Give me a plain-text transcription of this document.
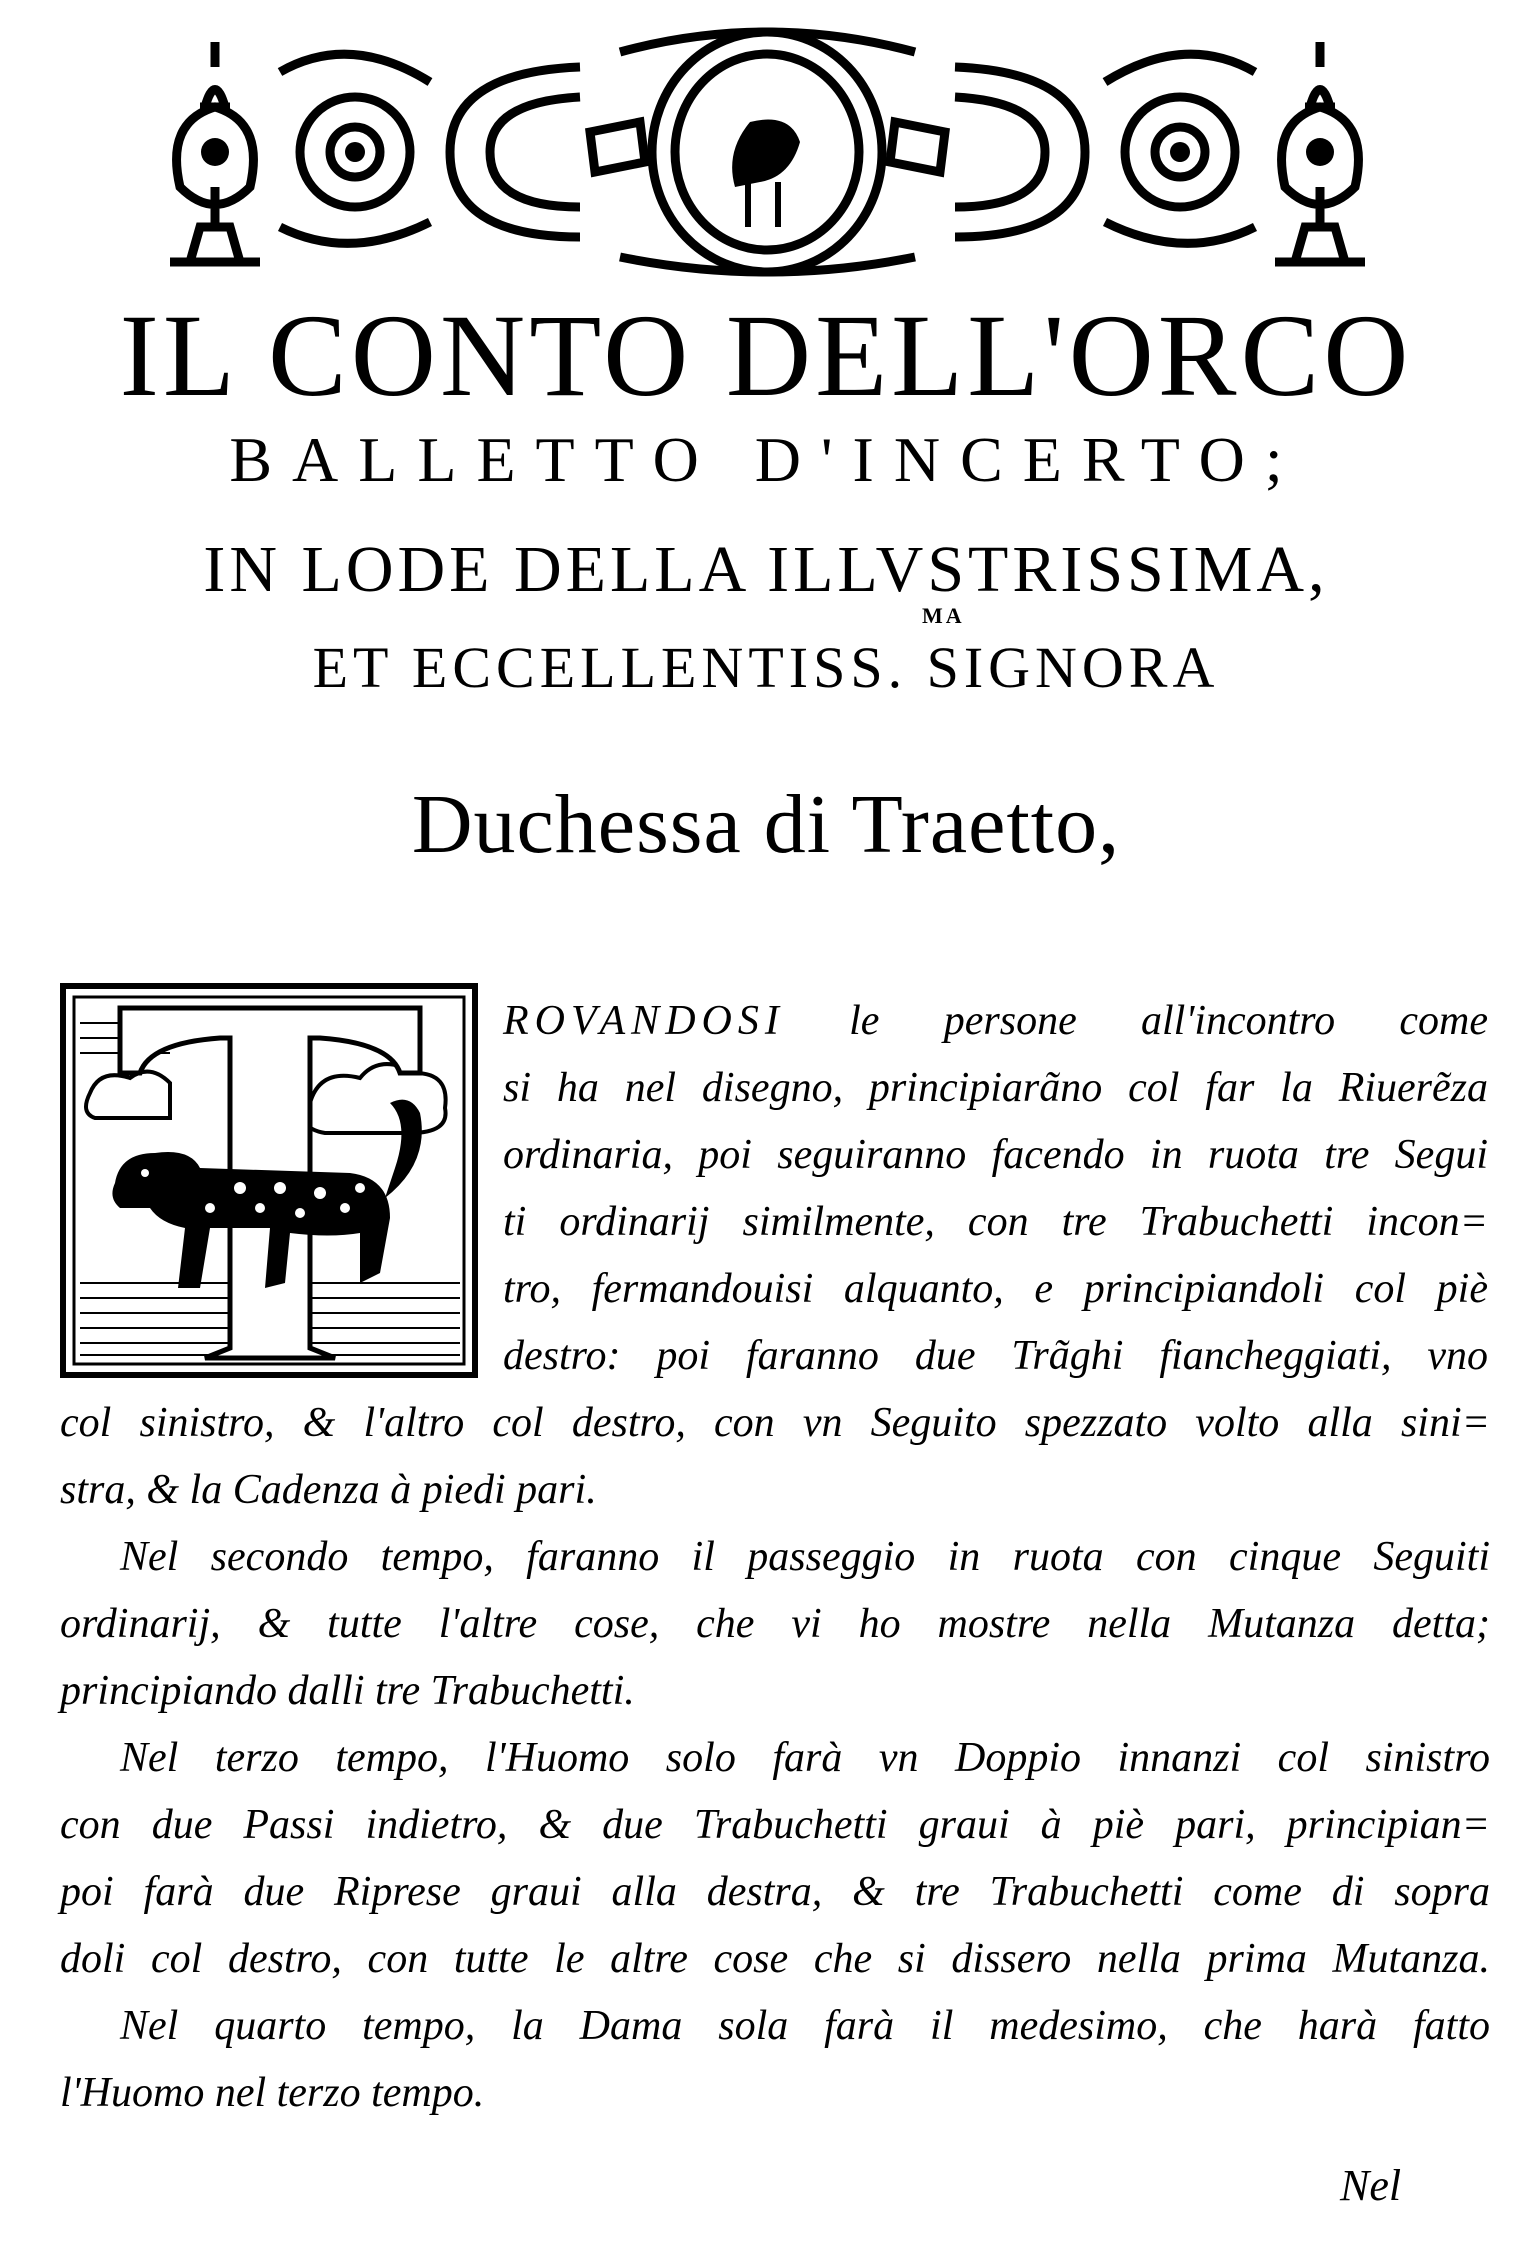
IL CONTO DELL'ORCO
BALLETTO D'INCERTO;
IN LODE DELLA ILLVSTRISSIMA,
MA
ET ECCELLENTISS. SIGNORA
Duchessa di Traetto,
ROVANDOSI le persone all'incontro come
si ha nel disegno, principiarãno col far la Riuerẽza
ordinaria, poi seguiranno facendo in ruota tre Segui
ti ordinarij similmente, con tre Trabuchetti incon=
tro, fermandouisi alquanto, e principiandoli col piè
destro: poi faranno due Trãghi fiancheggiati, vno
col sinistro, & l'altro col destro, con vn Seguito spezzato volto alla sini=
stra, & la Cadenza à piedi pari.
Nel secondo tempo, faranno il passeggio in ruota con cinque Seguiti
ordinarij, & tutte l'altre cose, che vi ho mostre nella Mutanza detta;
principiando dalli tre Trabuchetti.
Nel terzo tempo, l'Huomo solo farà vn Doppio innanzi col sinistro
con due Passi indietro, & due Trabuchetti graui à piè pari, principian=
poi farà due Riprese graui alla destra, & tre Trabuchetti come di sopra
doli col destro, con tutte le altre cose che si dissero nella prima Mutanza.
Nel quarto tempo, la Dama sola farà il medesimo, che harà fatto
l'Huomo nel terzo tempo.
Nel
